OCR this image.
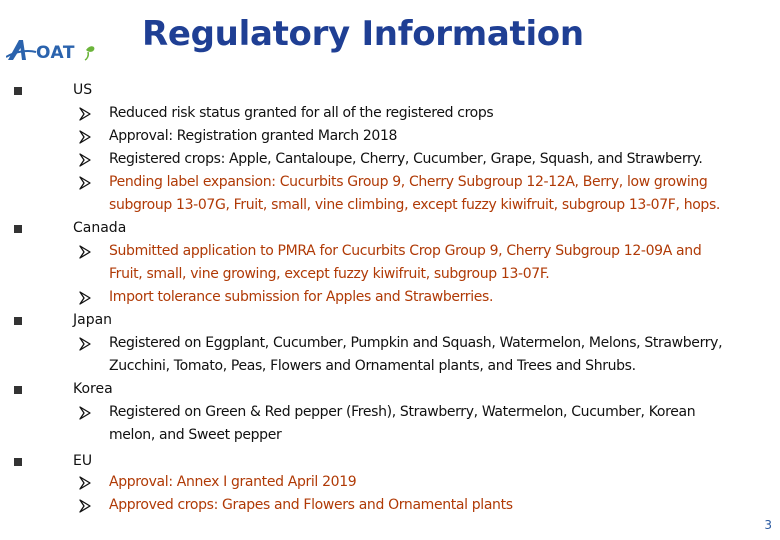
OAT Regulatory Information
US
Reduced risk status granted for all of the registered crops
Approval: Registration granted March 2018
Registered crops: Apple, Cantaloupe, Cherry, Cucumber, Grape, Squash, and Strawberry.
Pending label expansion: Cucurbits Group 9, Cherry Subgroup 12-12A, Berry, low growing
subgroup 13-07G, Fruit, small, vine climbing, except fuzzy kiwifruit, subgroup 13-07F, hops.
Canada
Submitted application to PMRA for Cucurbits Crop Group 9, Cherry Subgroup 12-09A and
Fruit, small, vine growing, except fuzzy kiwifruit, subgroup 13-07F.
Import tolerance submission for Apples and Strawberries.
Japan
Registered on Eggplant, Cucumber, Pumpkin and Squash, Watermelon, Melons, Strawberry,
Zucchini, Tomato, Peas, Flowers and Ornamental plants, and Trees and Shrubs.
Korea
Registered on Green & Red pepper (Fresh), Strawberry, Watermelon, Cucumber, Korean
melon, and Sweet pepper
EU
Approval: Annex I granted April 2019
Approved crops: Grapes and Flowers and Ornamental plants
3
